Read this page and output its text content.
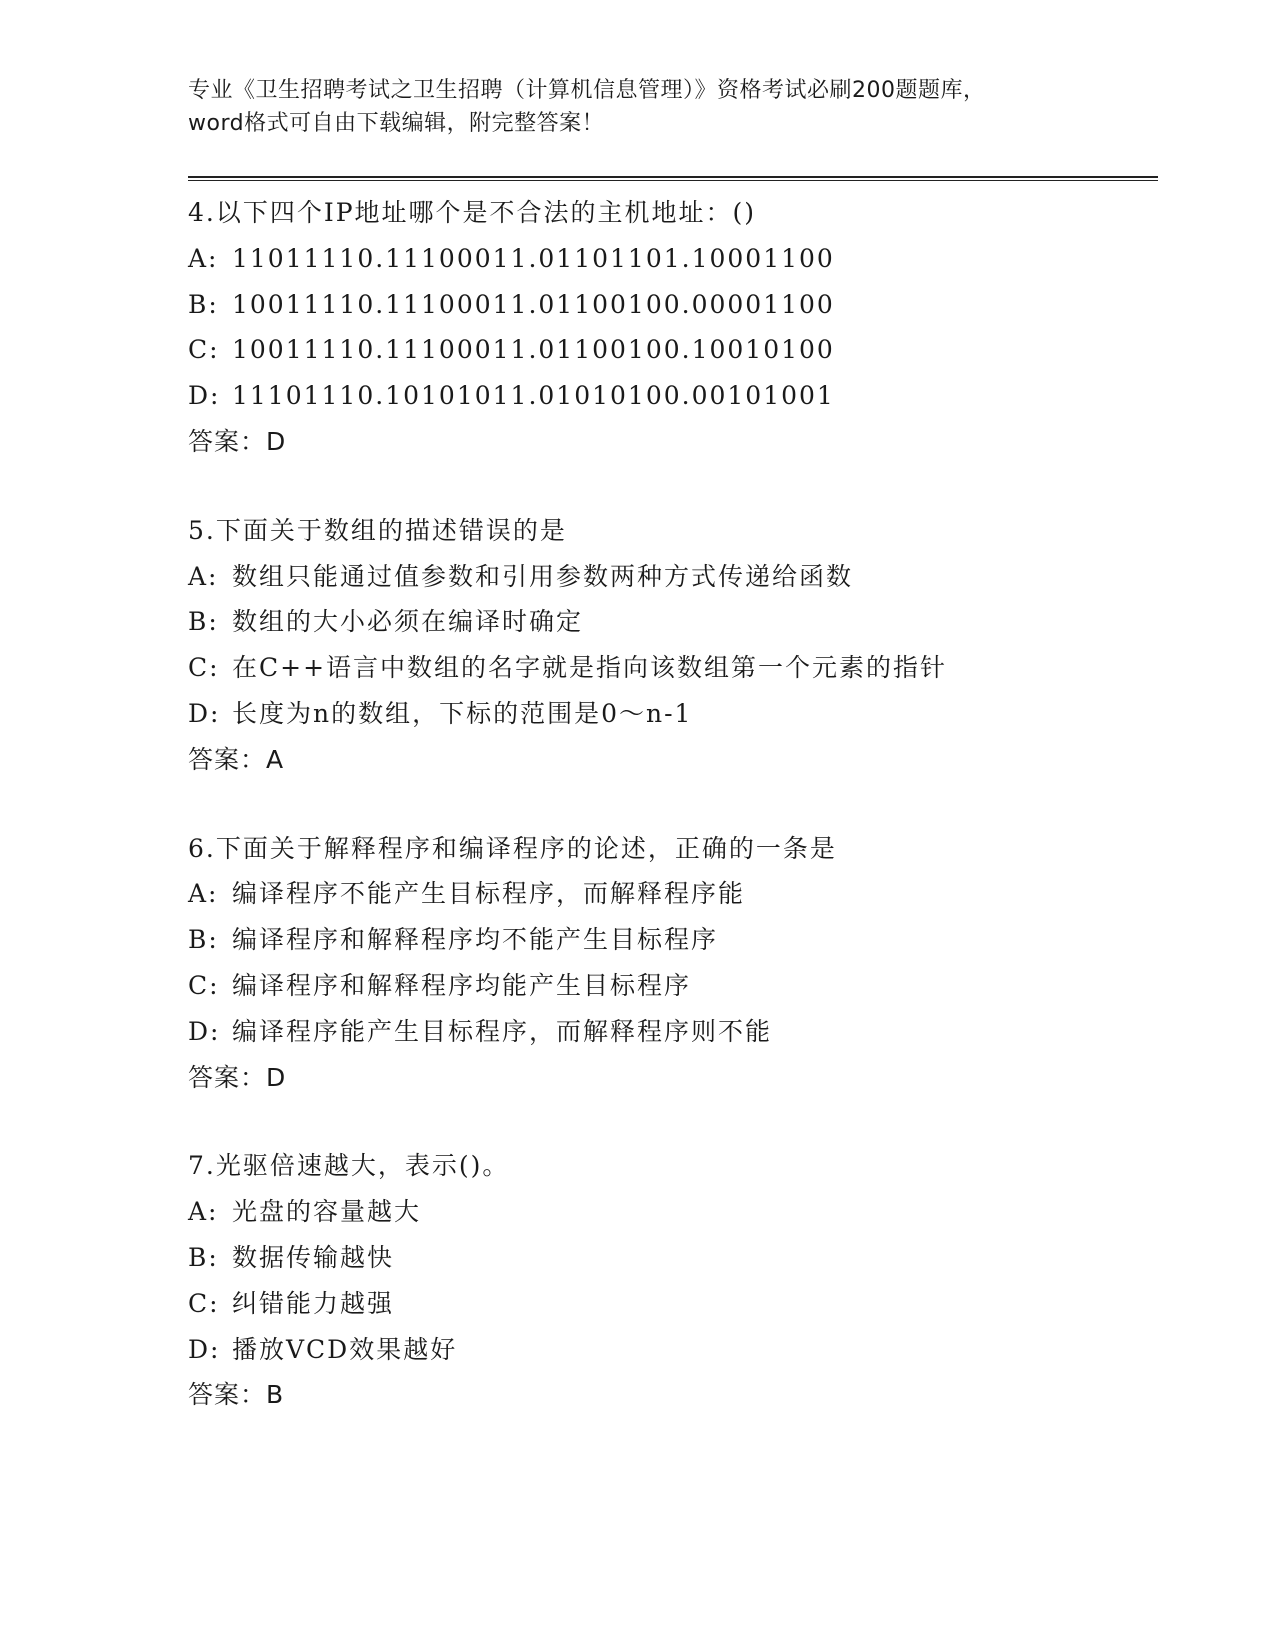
专业《卫生招聘考试之卫生招聘（计算机信息管理）》资格考试必刷200题题库，
word格式可自由下载编辑，附完整答案！
4.以下四个IP地址哪个是不合法的主机地址：()
A: 11011110.11100011.01101101.10001100
B: 10011110.11100011.01100100.00001100
C: 10011110.11100011.01100100.10010100
D: 11101110.10101011.01010100.00101001
答案：D
5.下面关于数组的描述错误的是
A: 数组只能通过值参数和引用参数两种方式传递给函数
B: 数组的大小必须在编译时确定
C: 在C++语言中数组的名字就是指向该数组第一个元素的指针
D: 长度为n的数组，下标的范围是0～n-1
答案：A
6.下面关于解释程序和编译程序的论述，正确的一条是
A: 编译程序不能产生目标程序，而解释程序能
B: 编译程序和解释程序均不能产生目标程序
C: 编译程序和解释程序均能产生目标程序
D: 编译程序能产生目标程序，而解释程序则不能
答案：D
7.光驱倍速越大，表示()。
A: 光盘的容量越大
B: 数据传输越快
C: 纠错能力越强
D: 播放VCD效果越好
答案：B
